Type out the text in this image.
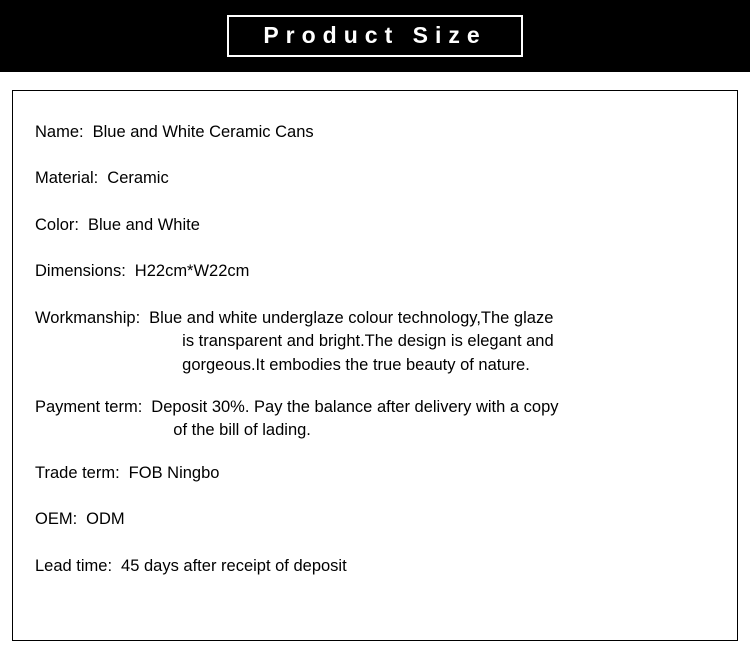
Product Size
Name: Blue and White Ceramic Cans
Material: Ceramic
Color: Blue and White
Dimensions: H22cm*W22cm
Workmanship: Blue and white underglaze colour technology,The glaze
is transparent and bright.The design is elegant and
gorgeous.It embodies the true beauty of nature.
Payment term: Deposit 30%. Pay the balance after delivery with a copy
of the bill of lading.
Trade term: FOB Ningbo
OEM: ODM
Lead time: 45 days after receipt of deposit
